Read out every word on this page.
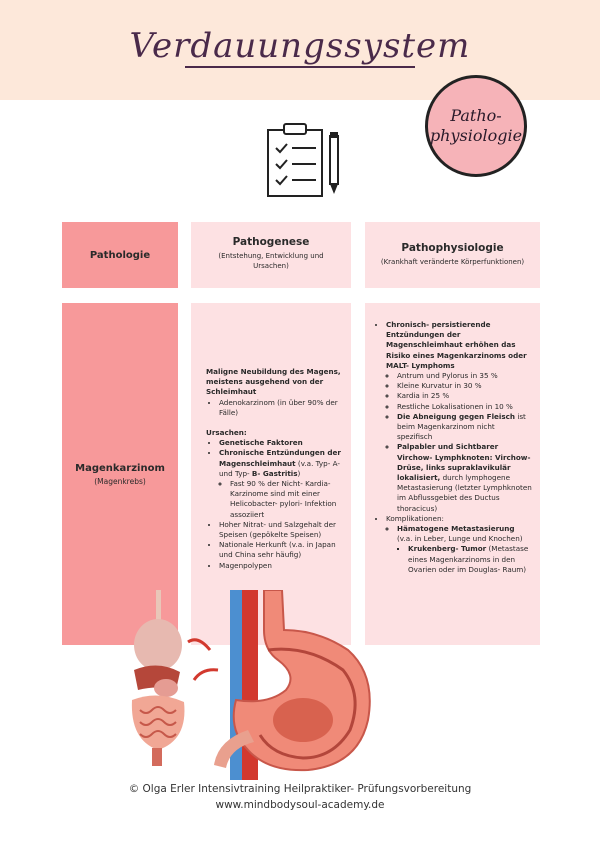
Verdauungssystem
Patho-
physiologie
Pathologie
Pathogenese
(Entstehung, Entwicklung und Ursachen)
Pathophysiologie
(Krankhaft veränderte Körperfunktionen)
Magenkarzinom
(Magenkrebs)

Maligne Neubildung des Magens, meistens ausgehend von der Schleimhaut

• Adenokarzinom (in über 90% der Fälle)

Ursachen:

• Genetische Faktoren
• Chronische Entzündungen der Magenschleimhaut (v.a. Typ- A- und Typ- B- Gastritis)
◦ Fast 90 % der Nicht- Kardia- Karzinome sind mit einer Helicobacter- pylori- Infektion assoziiert
• Hoher Nitrat- und Salzgehalt der Speisen (gepökelte Speisen)
• Nationale Herkunft (v.a. in Japan und China sehr häufig)
• Magenpolypen
• Chronisch- persistierende Entzündungen der Magenschleimhaut erhöhen das Risiko eines Magenkarzinoms oder MALT- Lymphoms
◦ Antrum und Pylorus in 35 %
◦ Kleine Kurvatur in 30 %
◦ Kardia in 25 %
◦ Restliche Lokalisationen in 10 %
◦ Die Abneigung gegen Fleisch ist beim Magenkarzinom nicht spezifisch
◦ Palpabler und Sichtbarer Virchow- Lymphknoten: Virchow- Drüse, links supraklavikulär lokalisiert, durch lymphogene Metastasierung (letzter Lymphknoten im Abflussgebiet des Ductus thoracicus)
• Komplikationen:
◦ Hämatogene Metastasierung (v.a. in Leber, Lunge und Knochen)
▪ Krukenberg- Tumor (Metastase eines Magenkarzinoms in den Ovarien oder im Douglas- Raum)
© Olga Erler Intensivtraining Heilpraktiker- Prüfungsvorbereitung
www.mindbodysoul-academy.de
